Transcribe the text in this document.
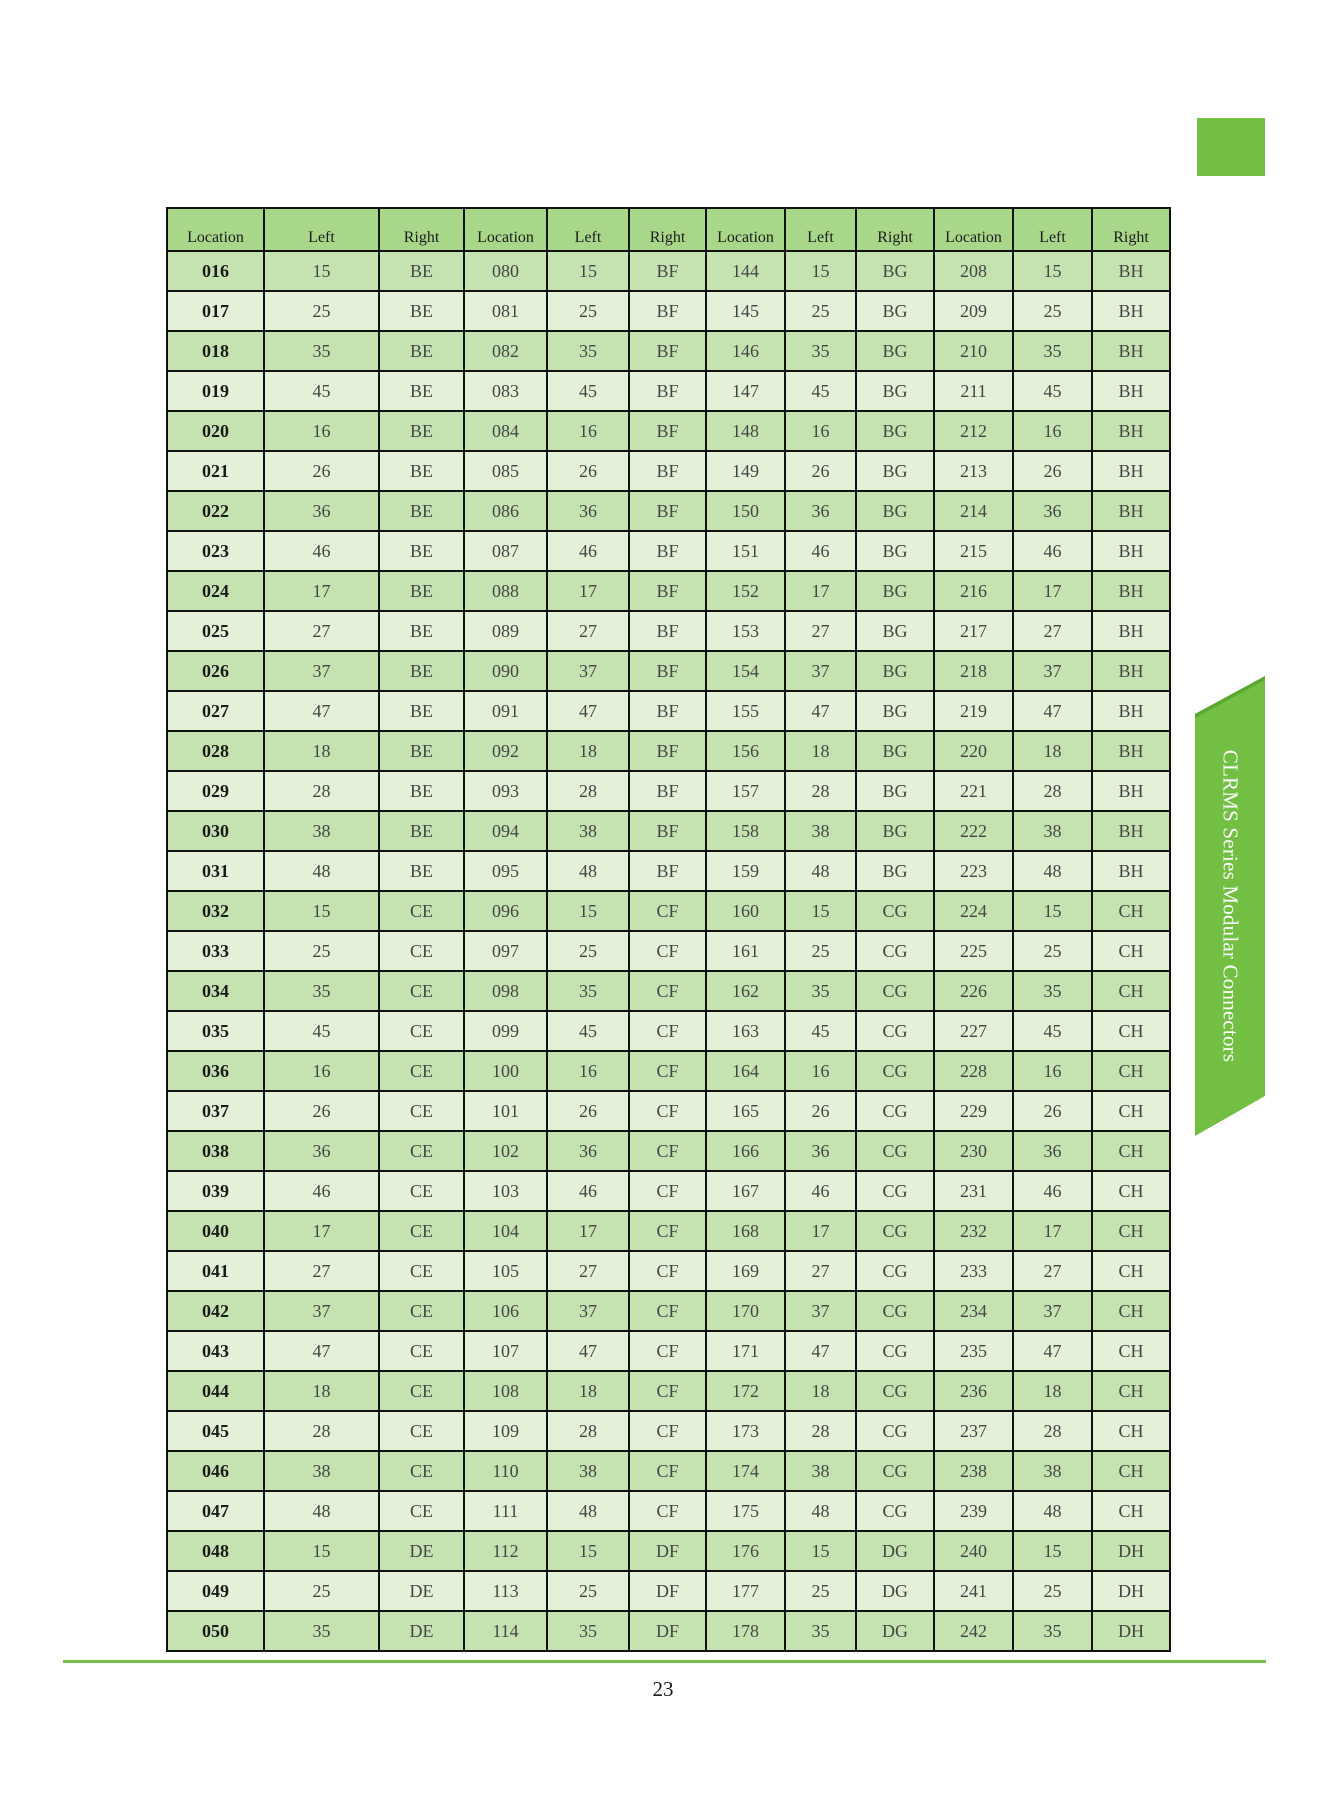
CLRMS Series Modular Connectors
Location	Left	Right	Location	Left	Right	Location	Left	Right	Location	Left	Right
016	15	BE	080	15	BF	144	15	BG	208	15	BH
017	25	BE	081	25	BF	145	25	BG	209	25	BH
018	35	BE	082	35	BF	146	35	BG	210	35	BH
019	45	BE	083	45	BF	147	45	BG	211	45	BH
020	16	BE	084	16	BF	148	16	BG	212	16	BH
021	26	BE	085	26	BF	149	26	BG	213	26	BH
022	36	BE	086	36	BF	150	36	BG	214	36	BH
023	46	BE	087	46	BF	151	46	BG	215	46	BH
024	17	BE	088	17	BF	152	17	BG	216	17	BH
025	27	BE	089	27	BF	153	27	BG	217	27	BH
026	37	BE	090	37	BF	154	37	BG	218	37	BH
027	47	BE	091	47	BF	155	47	BG	219	47	BH
028	18	BE	092	18	BF	156	18	BG	220	18	BH
029	28	BE	093	28	BF	157	28	BG	221	28	BH
030	38	BE	094	38	BF	158	38	BG	222	38	BH
031	48	BE	095	48	BF	159	48	BG	223	48	BH
032	15	CE	096	15	CF	160	15	CG	224	15	CH
033	25	CE	097	25	CF	161	25	CG	225	25	CH
034	35	CE	098	35	CF	162	35	CG	226	35	CH
035	45	CE	099	45	CF	163	45	CG	227	45	CH
036	16	CE	100	16	CF	164	16	CG	228	16	CH
037	26	CE	101	26	CF	165	26	CG	229	26	CH
038	36	CE	102	36	CF	166	36	CG	230	36	CH
039	46	CE	103	46	CF	167	46	CG	231	46	CH
040	17	CE	104	17	CF	168	17	CG	232	17	CH
041	27	CE	105	27	CF	169	27	CG	233	27	CH
042	37	CE	106	37	CF	170	37	CG	234	37	CH
043	47	CE	107	47	CF	171	47	CG	235	47	CH
044	18	CE	108	18	CF	172	18	CG	236	18	CH
045	28	CE	109	28	CF	173	28	CG	237	28	CH
046	38	CE	110	38	CF	174	38	CG	238	38	CH
047	48	CE	111	48	CF	175	48	CG	239	48	CH
048	15	DE	112	15	DF	176	15	DG	240	15	DH
049	25	DE	113	25	DF	177	25	DG	241	25	DH
050	35	DE	114	35	DF	178	35	DG	242	35	DH
23
